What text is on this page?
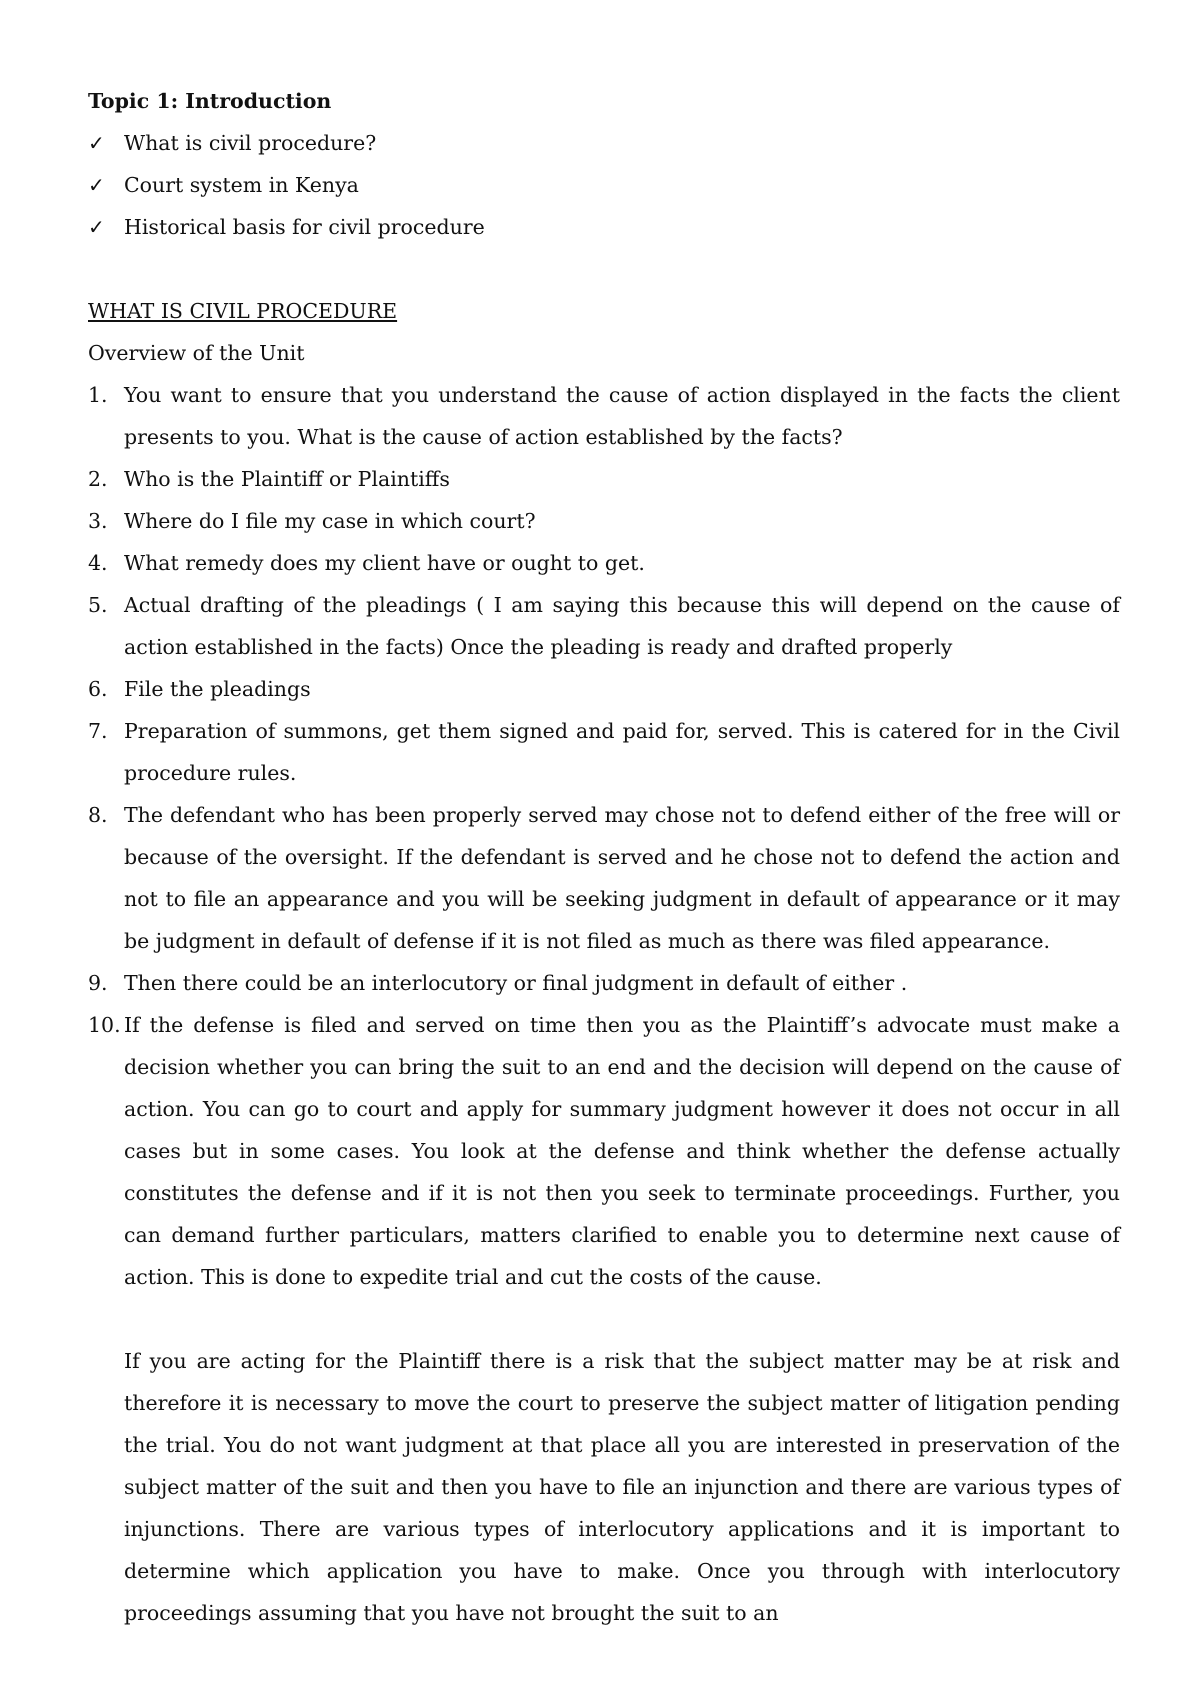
Topic 1: Introduction

✓ What is civil procedure?
✓ Court system in Kenya
✓ Historical basis for civil procedure

WHAT IS CIVIL PROCEDURE

Overview of the Unit

1. You want to ensure that you understand the cause of action displayed in the facts the client presents to you. What is the cause of action established by the facts?
2. Who is the Plaintiff or Plaintiffs
3. Where do I file my case in which court?
4. What remedy does my client have or ought to get.
5. Actual drafting of the pleadings ( I am saying this because this will depend on the cause of action established in the facts) Once the pleading is ready and drafted properly
6. File the pleadings
7. Preparation of summons, get them signed and paid for, served. This is catered for in the Civil procedure rules.
8. The defendant who has been properly served may chose not to defend either of the free will or because of the oversight. If the defendant is served and he chose not to defend the action and not to file an appearance and you will be seeking judgment in default of appearance or it may be judgment in default of defense if it is not filed as much as there was filed appearance.
9. Then there could be an interlocutory or final judgment in default of either .
10. If the defense is filed and served on time then you as the Plaintiff’s advocate must make a decision whether you can bring the suit to an end and the decision will depend on the cause of action. You can go to court and apply for summary judgment however it does not occur in all cases but in some cases. You look at the defense and think whether the defense actually constitutes the defense and if it is not then you seek to terminate proceedings. Further, you can demand further particulars, matters clarified to enable you to determine next cause of action. This is done to expedite trial and cut the costs of the cause.

If you are acting for the Plaintiff there is a risk that the subject matter may be at risk and therefore it is necessary to move the court to preserve the subject matter of litigation pending the trial. You do not want judgment at that place all you are interested in preservation of the subject matter of the suit and then you have to file an injunction and there are various types of injunctions. There are various types of interlocutory applications and it is important to determine which application you have to make. Once you through with interlocutory proceedings assuming that you have not brought the suit to an
